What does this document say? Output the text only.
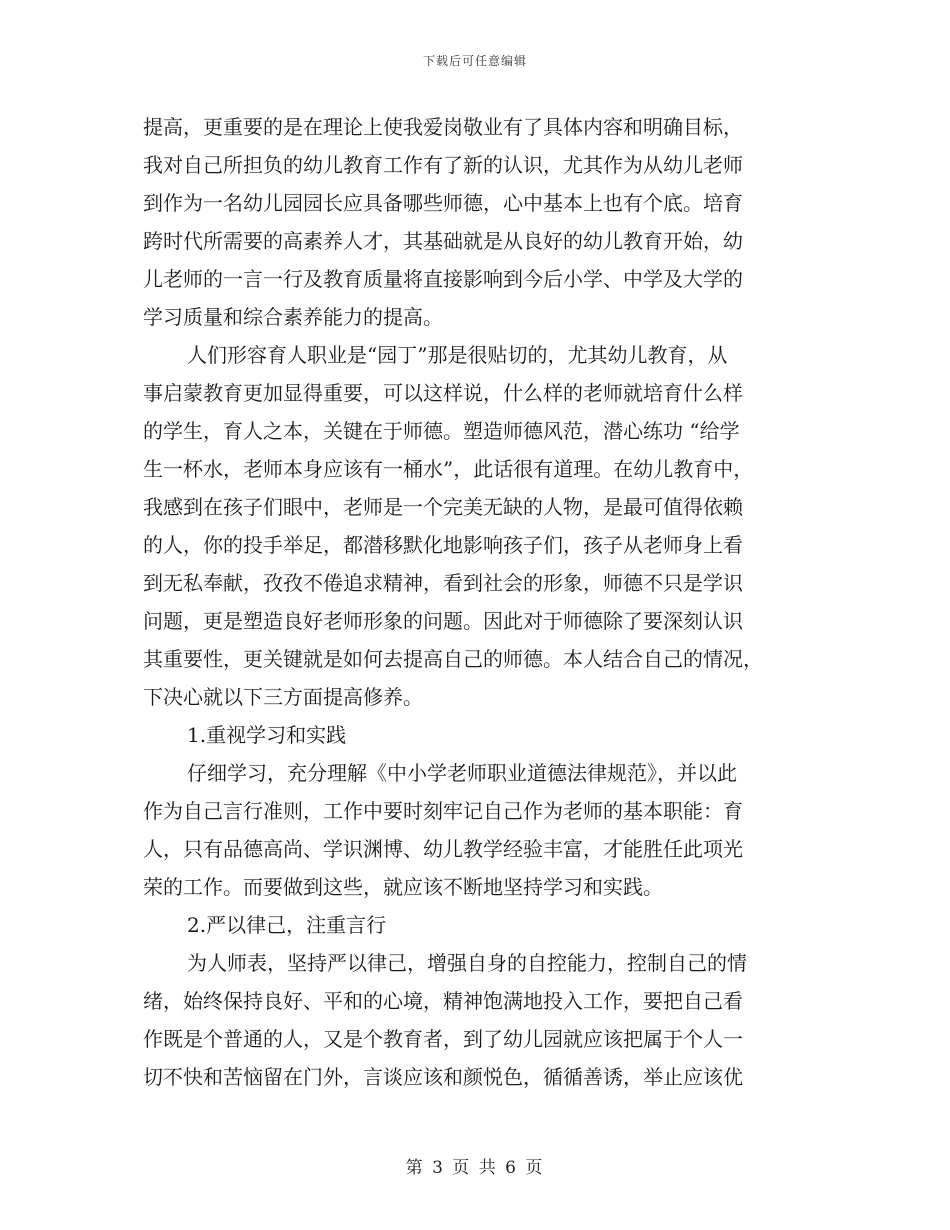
下载后可任意编辑
提高，更重要的是在理论上使我爱岗敬业有了具体内容和明确目标，
我对自己所担负的幼儿教育工作有了新的认识，尤其作为从幼儿老师
到作为一名幼儿园园长应具备哪些师德，心中基本上也有个底。培育
跨时代所需要的高素养人才，其基础就是从良好的幼儿教育开始，幼
儿老师的一言一行及教育质量将直接影响到今后小学、中学及大学的
学习质量和综合素养能力的提高。
人们形容育人职业是“园丁”那是很贴切的，尤其幼儿教育，从
事启蒙教育更加显得重要，可以这样说，什么样的老师就培育什么样
的学生，育人之本，关键在于师德。塑造师德风范，潜心练功 “给学
生一杯水，老师本身应该有一桶水”，此话很有道理。在幼儿教育中，
我感到在孩子们眼中，老师是一个完美无缺的人物，是最可值得依赖
的人，你的投手举足，都潜移默化地影响孩子们，孩子从老师身上看
到无私奉献，孜孜不倦追求精神，看到社会的形象，师德不只是学识
问题，更是塑造良好老师形象的问题。因此对于师德除了要深刻认识
其重要性，更关键就是如何去提高自己的师德。本人结合自己的情况，
下决心就以下三方面提高修养。
1.重视学习和实践
仔细学习，充分理解《中小学老师职业道德法律规范》，并以此
作为自己言行准则，工作中要时刻牢记自己作为老师的基本职能：育
人，只有品德高尚、学识渊博、幼儿教学经验丰富，才能胜任此项光
荣的工作。而要做到这些，就应该不断地坚持学习和实践。
2.严以律己，注重言行
为人师表，坚持严以律己，增强自身的自控能力，控制自己的情
绪，始终保持良好、平和的心境，精神饱满地投入工作，要把自己看
作既是个普通的人，又是个教育者，到了幼儿园就应该把属于个人一
切不快和苦恼留在门外，言谈应该和颜悦色，循循善诱，举止应该优
第 3 页 共 6 页
